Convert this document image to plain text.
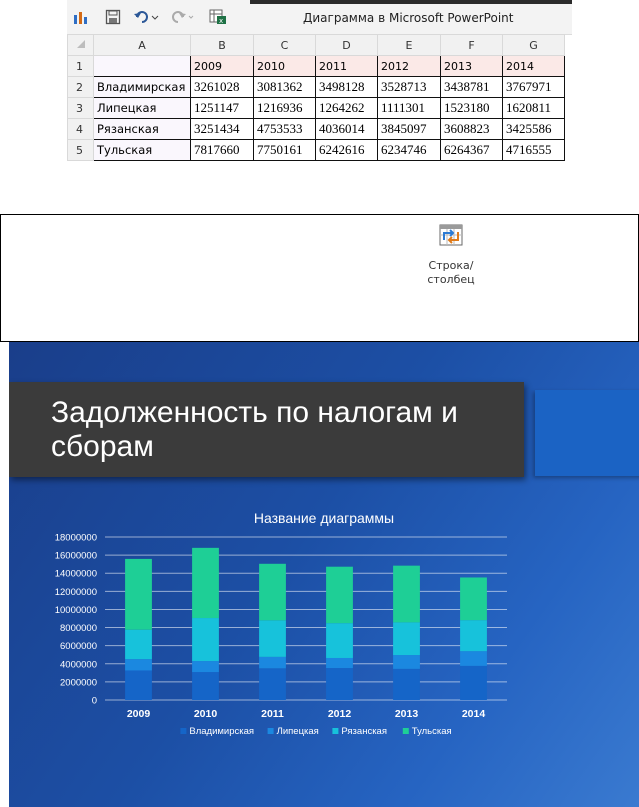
x	Диаграмма в Microsoft PowerPoint
	A	B	C	D	E	F	G
1		2009	2010	2011	2012	2013	2014
2	Владимирская	3261028	3081362	3498128	3528713	3438781	3767971
3	Липецкая	1251147	1216936	1264262	1111301	1523180	1620811
4	Рязанская	3251434	4753533	4036014	3845097	3608823	3425586
5	Тульская	7817660	7750161	6242616	6234746	6264367	4716555
Строка/
столбец
Задолженность по налогам и сборам
Название диаграммы
0
2000000
4000000
6000000
8000000
10000000
12000000
14000000
16000000
18000000
2009	2010	2011	2012	2013	2014
Владимирская Липецкая Рязанская	Тульская
